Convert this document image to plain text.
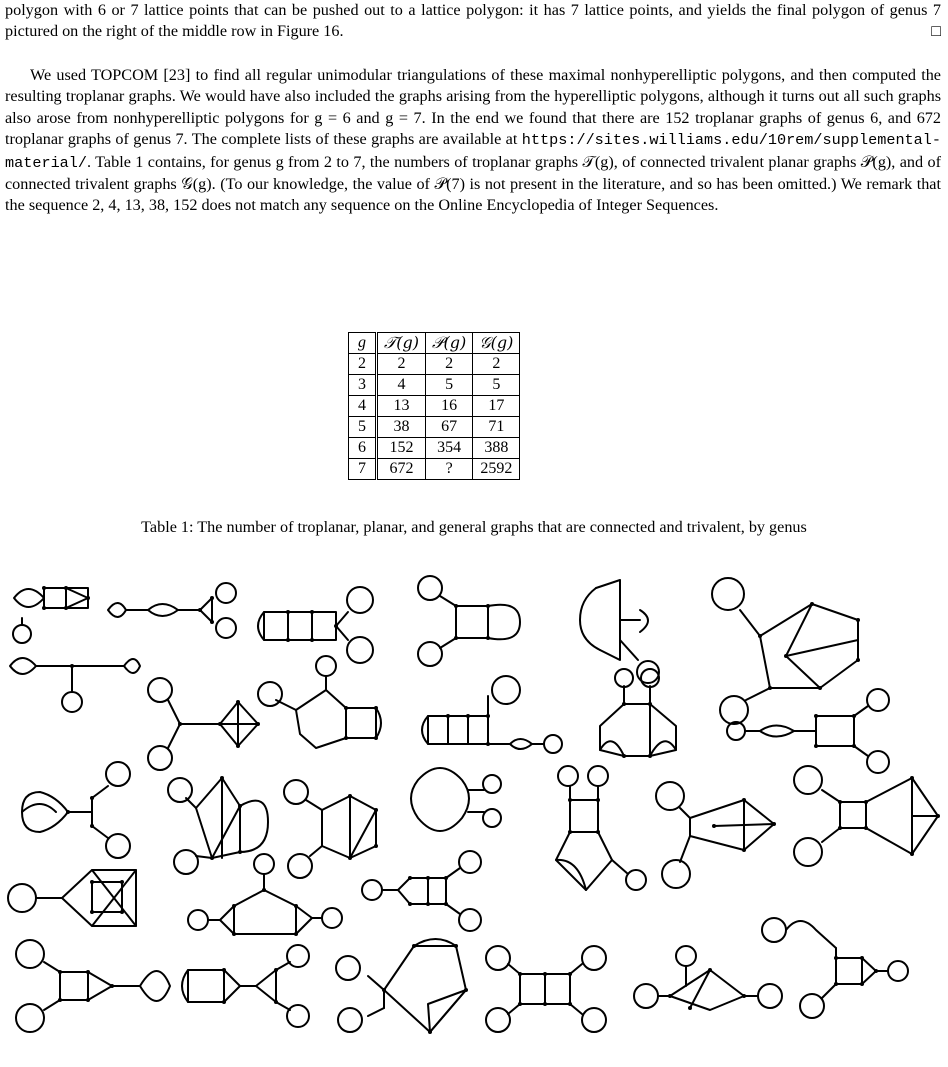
polygon with 6 or 7 lattice points that can be pushed out to a lattice polygon: it has 7 lattice points, and yields the final polygon of genus 7 pictured on the right of the middle row in Figure 16.	□

We used TOPCOM [23] to find all regular unimodular triangulations of these maximal nonhyperelliptic polygons, and then computed the resulting troplanar graphs. We would have also included the graphs arising from the hyperelliptic polygons, although it turns out all such graphs also arose from nonhyperelliptic polygons for g = 6 and g = 7. In the end we found that there are 152 troplanar graphs of genus 6, and 672 troplanar graphs of genus 7. The complete lists of these graphs are available at https://sites.williams.edu/10rem/supplemental-material/. Table 1 contains, for genus g from 2 to 7, the numbers of troplanar graphs 𝒯(g), of connected trivalent planar graphs 𝒫(g), and of connected trivalent graphs 𝒢(g). (To our knowledge, the value of 𝒫(7) is not present in the literature, and so has been omitted.) We remark that the sequence 2, 4, 13, 38, 152 does not match any sequence on the Online Encyclopedia of Integer Sequences.

g	𝒯(g)	𝒫(g)	𝒢(g)
2	2	2	2
3	4	5	5
4	13	16	17
5	38	67	71
6	152	354	388
7	672	?	2592

Table 1: The number of troplanar, planar, and general graphs that are connected and trivalent, by genus
